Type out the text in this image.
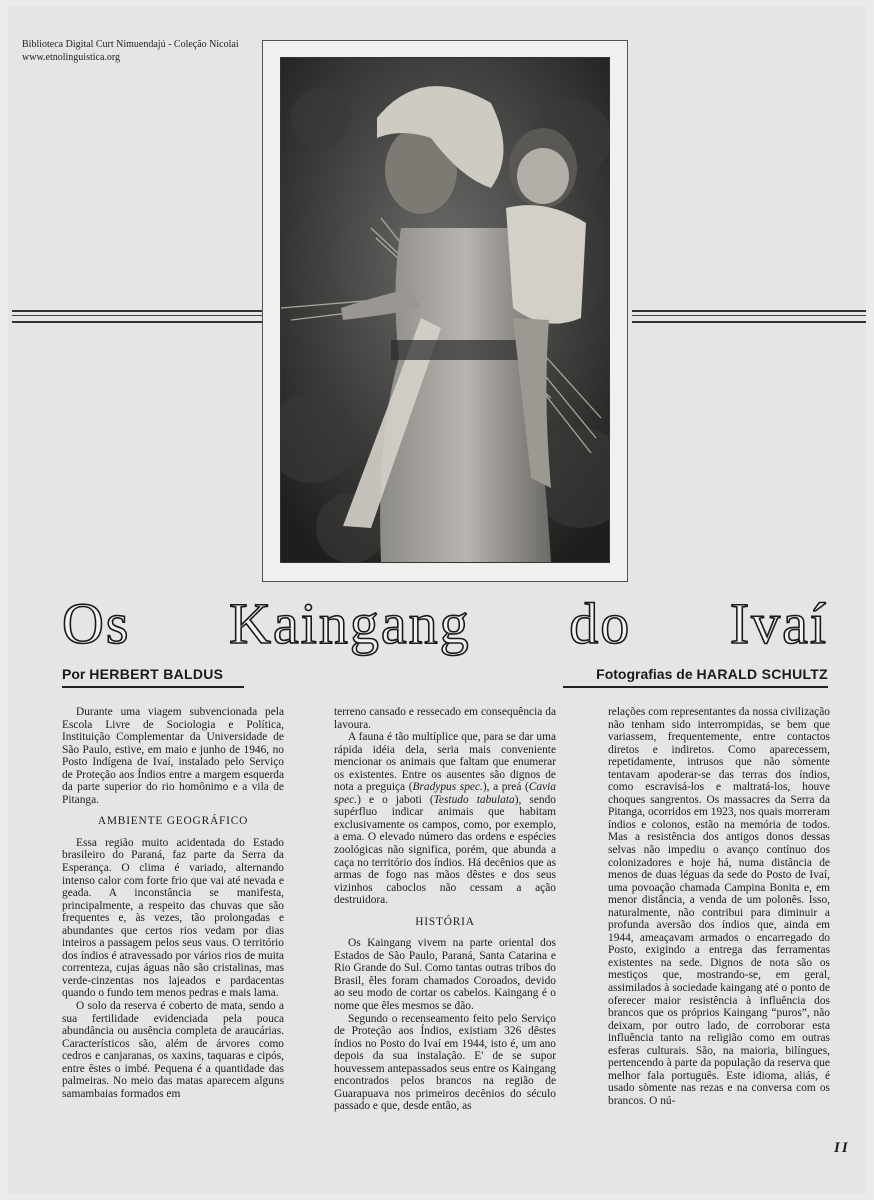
Biblioteca Digital Curt Nimuendajú - Coleção Nicolai
www.etnolinguistica.org
Os Kaingang do Ivaí
Por HERBERT BALDUS	Fotografias de HARALD SCHULTZ

Durante uma viagem subvencionada pela Escola Livre de Sociologia e Política, Instituição Complementar da Universidade de São Paulo, estive, em maio e junho de 1946, no Posto Indígena de Ivaí, instalado pelo Serviço de Proteção aos Índios entre a margem esquerda da parte superior do rio homônimo e a vila de Pitanga.

AMBIENTE GEOGRÁFICO

Essa região muito acidentada do Estado brasileiro do Paraná, faz parte da Serra da Esperança. O clima é variado, alternando intenso calor com forte frio que vai até nevada e geada. A inconstância se manifesta, principalmente, a respeito das chuvas que são frequentes e, às vezes, tão prolongadas e abundantes que certos rios vedam por dias inteiros a passagem pelos seus vaus. O território dos índios é atravessado por vários rios de muita correnteza, cujas águas não são cristalinas, mas verde-cinzentas nos lajeados e pardacentas quando o fundo tem menos pedras e mais lama.

O solo da reserva é coberto de mata, sendo a sua fertilidade evidenciada pela pouca abundância ou ausência completa de araucárias. Característicos são, além de árvores como cedros e canjaranas, os xaxins, taquaras e cipós, entre êstes o imbé. Pequena é a quantidade das palmeiras. No meio das matas aparecem alguns samambaias formados em

terreno cansado e ressecado em consequência da lavoura.

A fauna é tão multíplice que, para se dar uma rápida idéia dela, seria mais conveniente mencionar os animais que faltam que enumerar os existentes. Entre os ausentes são dignos de nota a preguiça (Bradypus spec.), a preá (Cavia spec.) e o jaboti (Testudo tabulata), sendo supérfluo indicar animais que habitam exclusivamente os campos, como, por exemplo, a ema. O elevado número das ordens e espécies zoológicas não significa, porém, que abunda a caça no território dos índios. Há decênios que as armas de fogo nas mãos dêstes e dos seus vizinhos caboclos não cessam a ação destruidora.

HISTÓRIA

Os Kaingang vivem na parte oriental dos Estados de São Paulo, Paraná, Santa Catarina e Rio Grande do Sul. Como tantas outras tribos do Brasil, êles foram chamados Coroados, devido ao seu modo de cortar os cabelos. Kaingang é o nome que êles mesmos se dão.

Segundo o recenseamento feito pelo Serviço de Proteção aos Índios, existiam 326 dêstes índios no Posto do Ivaí em 1944, isto é, um ano depois da sua instalação. E' de se supor houvessem antepassados seus entre os Kaingang encontrados pelos brancos na região de Guarapuava nos primeiros decênios do século passado e que, desde então, as

relações com representantes da nossa civilização não tenham sido interrompidas, se bem que variassem, frequentemente, entre contactos diretos e indiretos. Como aparecessem, repetidamente, intrusos que não sòmente tentavam apoderar-se das terras dos índios, como escravisá-los e maltratá-los, houve choques sangrentos. Os massacres da Serra da Pitanga, ocorridos em 1923, nos quais morreram índios e colonos, estão na memória de todos. Mas a resistência dos antigos donos dessas selvas não impediu o avanço contínuo dos colonizadores e hoje há, numa distância de menos de duas léguas da sede do Posto de Ivaí, uma povoação chamada Campina Bonita e, em menor distância, a venda de um polonês. Isso, naturalmente, não contribui para diminuir a profunda aversão dos índios que, ainda em 1944, ameaçavam armados o encarregado do Posto, exigindo a entrega das ferramentas existentes na sede. Dignos de nota são os mestiços que, mostrando-se, em geral, assimilados à sociedade kaingang até o ponto de oferecer maior resistência à influência dos brancos que os próprios Kaingang “puros”, não deixam, por outro lado, de corroborar esta influência tanto na religião como em outras esferas culturais. São, na maioria, bilíngues, pertencendo à parte da população da reserva que melhor fala português. Este idioma, aliás, é usado sòmente nas rezas e na conversa com os brancos. O nú-

II
